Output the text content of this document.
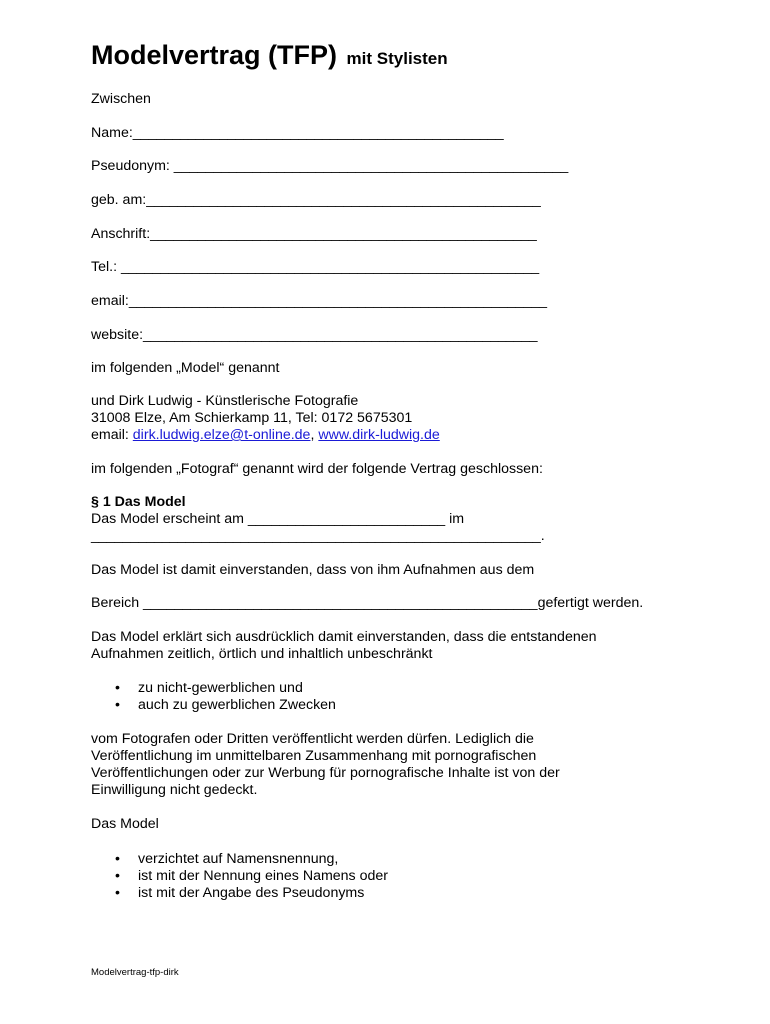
Modelvertrag (TFP) mit Stylisten
Zwischen
Name:_______________________________________________
Pseudonym: __________________________________________________
geb. am:__________________________________________________
Anschrift:_________________________________________________
Tel.: _____________________________________________________
email:_____________________________________________________
website:__________________________________________________
im folgenden „Model“ genannt
und Dirk Ludwig - Künstlerische Fotografie
31008 Elze, Am Schierkamp 11, Tel: 0172 5675301
email: dirk.ludwig.elze@t-online.de, www.dirk-ludwig.de
im folgenden „Fotograf“ genannt wird der folgende Vertrag geschlossen:
§ 1 Das Model
Das Model erscheint am _________________________ im
_________________________________________________________.
Das Model ist damit einverstanden, dass von ihm Aufnahmen aus dem
Bereich __________________________________________________gefertigt werden.
Das Model erklärt sich ausdrücklich damit einverstanden, dass die entstandenen
Aufnahmen zeitlich, örtlich und inhaltlich unbeschränkt
• zu nicht-gewerblichen und
• auch zu gewerblichen Zwecken
vom Fotografen oder Dritten veröffentlicht werden dürfen. Lediglich die
Veröffentlichung im unmittelbaren Zusammenhang mit pornografischen
Veröffentlichungen oder zur Werbung für pornografische Inhalte ist von der
Einwilligung nicht gedeckt.
Das Model
• verzichtet auf Namensnennung,
• ist mit der Nennung eines Namens oder
• ist mit der Angabe des Pseudonyms
Modelvertrag-tfp-dirk
